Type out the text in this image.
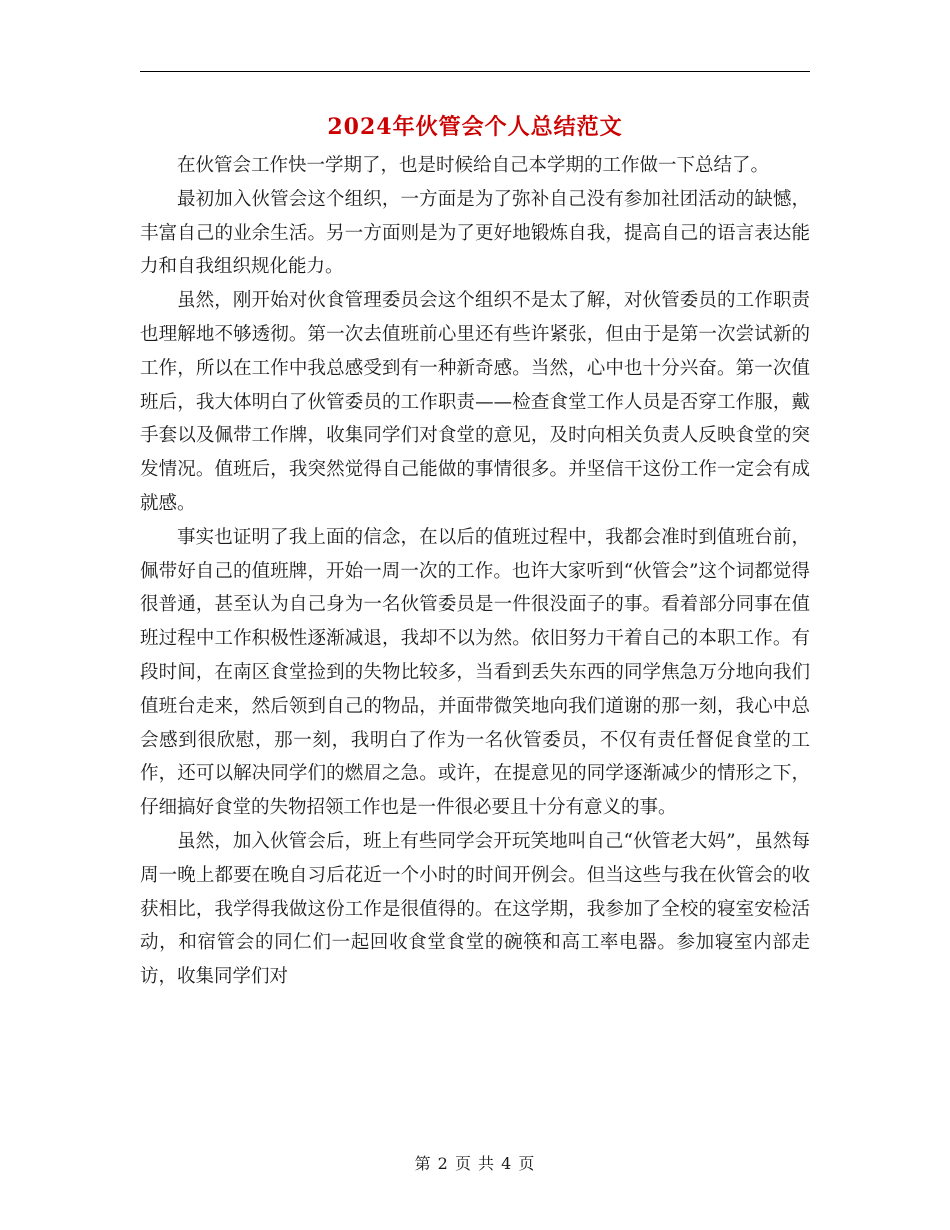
2024年伙管会个人总结范文

在伙管会工作快一学期了，也是时候给自己本学期的工作做一下总结了。

最初加入伙管会这个组织，一方面是为了弥补自己没有参加社团活动的缺憾，丰富自己的业余生活。另一方面则是为了更好地锻炼自我，提高自己的语言表达能力和自我组织规化能力。

虽然，刚开始对伙食管理委员会这个组织不是太了解，对伙管委员的工作职责也理解地不够透彻。第一次去值班前心里还有些许紧张，但由于是第一次尝试新的工作，所以在工作中我总感受到有一种新奇感。当然，心中也十分兴奋。第一次值班后，我大体明白了伙管委员的工作职责——检查食堂工作人员是否穿工作服，戴手套以及佩带工作牌，收集同学们对食堂的意见，及时向相关负责人反映食堂的突发情况。值班后，我突然觉得自己能做的事情很多。并坚信干这份工作一定会有成就感。

事实也证明了我上面的信念，在以后的值班过程中，我都会准时到值班台前，佩带好自己的值班牌，开始一周一次的工作。也许大家听到“伙管会”这个词都觉得很普通，甚至认为自己身为一名伙管委员是一件很没面子的事。看着部分同事在值班过程中工作积极性逐渐减退，我却不以为然。依旧努力干着自己的本职工作。有段时间，在南区食堂捡到的失物比较多，当看到丢失东西的同学焦急万分地向我们值班台走来，然后领到自己的物品，并面带微笑地向我们道谢的那一刻，我心中总会感到很欣慰，那一刻，我明白了作为一名伙管委员，不仅有责任督促食堂的工作，还可以解决同学们的燃眉之急。或许，在提意见的同学逐渐减少的情形之下，仔细搞好食堂的失物招领工作也是一件很必要且十分有意义的事。

虽然，加入伙管会后，班上有些同学会开玩笑地叫自己“伙管老大妈”，虽然每周一晚上都要在晚自习后花近一个小时的时间开例会。但当这些与我在伙管会的收获相比，我学得我做这份工作是很值得的。在这学期，我参加了全校的寝室安检活动，和宿管会的同仁们一起回收食堂食堂的碗筷和高工率电器。参加寝室内部走访，收集同学们对

第 2 页 共 4 页
